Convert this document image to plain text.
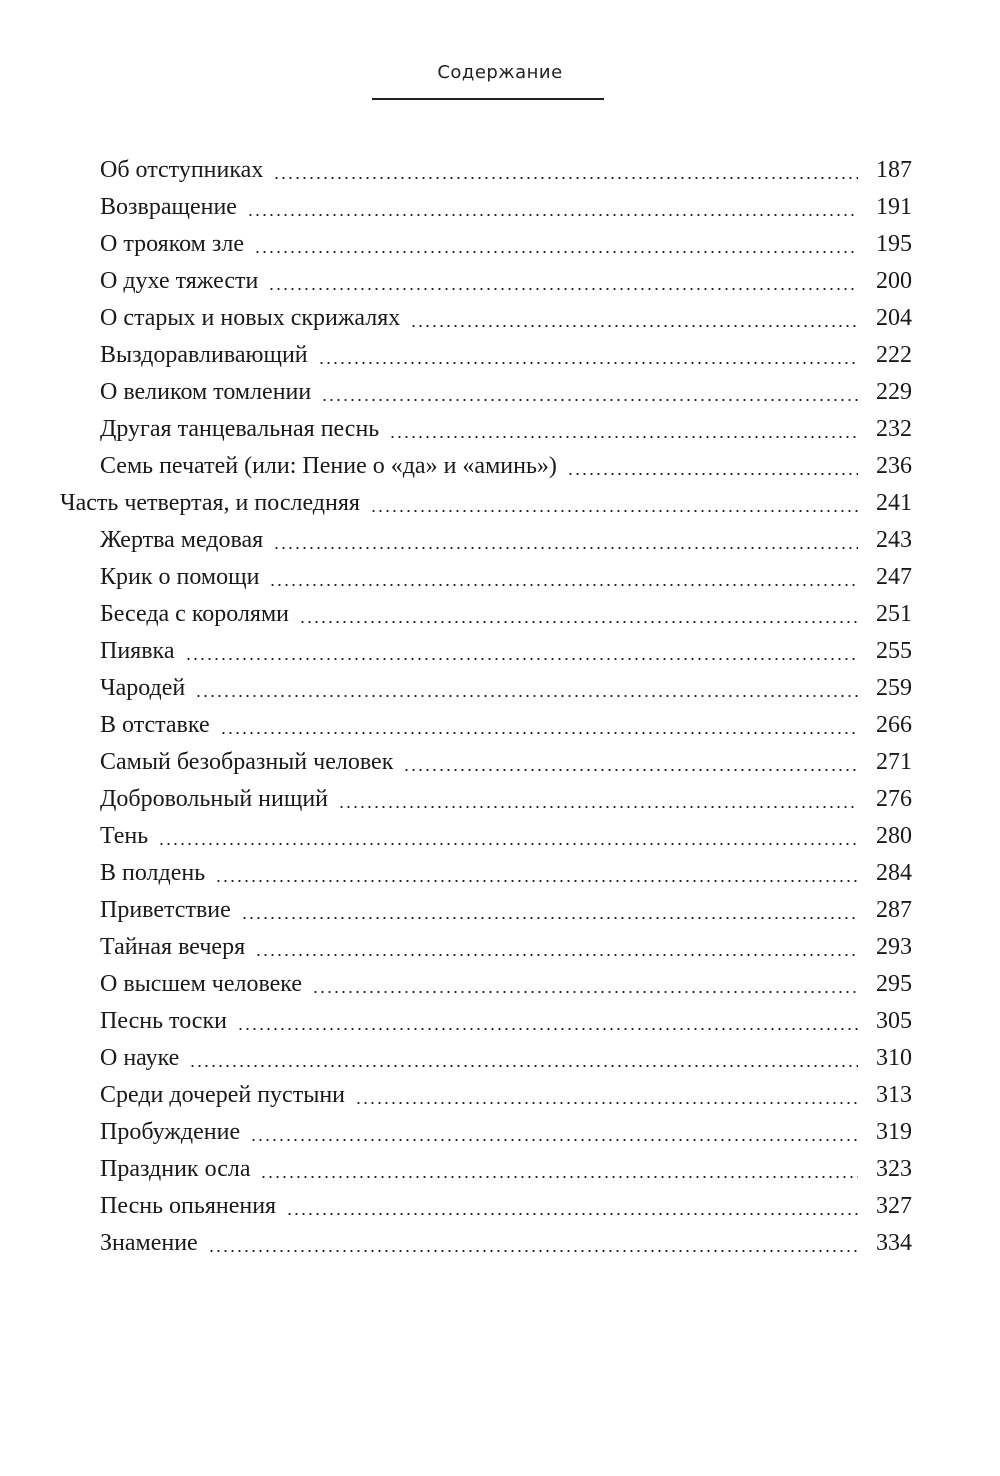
Содержание
Об отступниках	187
Возвращение	191
О трояком зле	195
О духе тяжести	200
О старых и новых скрижалях	204
Выздоравливающий	222
О великом томлении	229
Другая танцевальная песнь	232
Семь печатей (или: Пение о «да» и «аминь»)	236
Часть четвертая, и последняя	241
Жертва медовая	243
Крик о помощи	247
Беседа с королями	251
Пиявка	255
Чародей	259
В отставке	266
Самый безобразный человек	271
Добровольный нищий	276
Тень	280
В полдень	284
Приветствие	287
Тайная вечеря	293
О высшем человеке	295
Песнь тоски	305
О науке	310
Среди дочерей пустыни	313
Пробуждение	319
Праздник осла	323
Песнь опьянения	327
Знамение	334
